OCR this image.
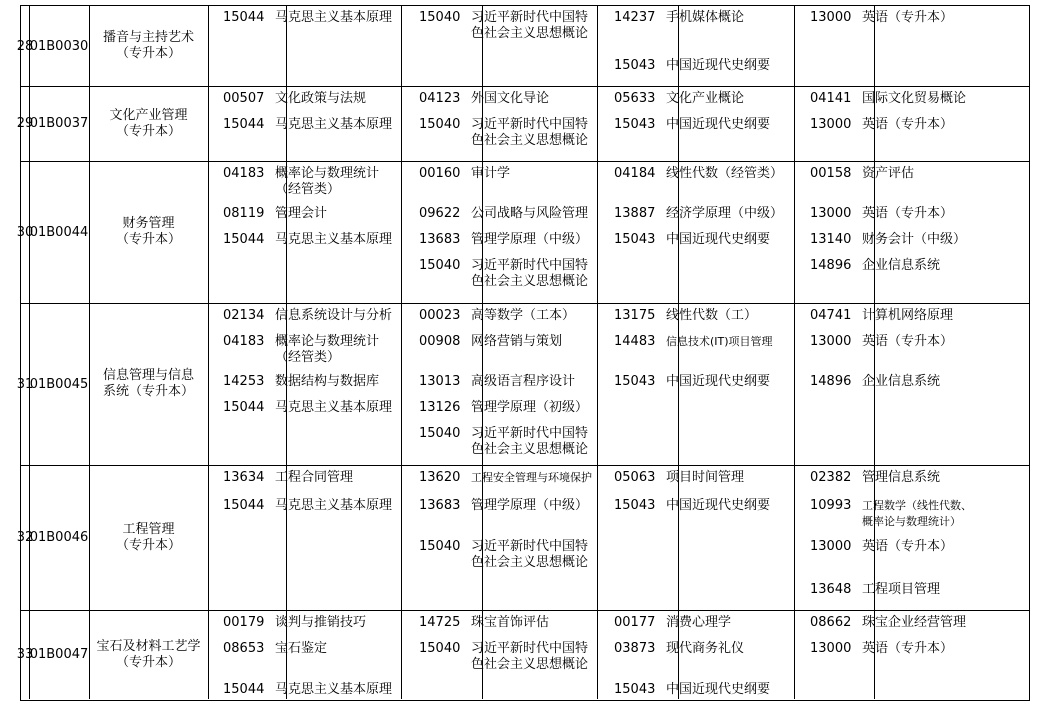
28
01B0030
播音与主持艺术
（专升本）
15044 马克思主义基本原理 15040 习近平新时代中国特
色社会主义思想概论
14237 手机媒体概论
15043 中国近现代史纲要
13000 英语（专升本）
29
01B0037
文化产业管理
（专升本）
00507 文化政策与法规
15044 马克思主义基本原理
04123 外国文化导论
15040 习近平新时代中国特
色社会主义思想概论
05633 文化产业概论
15043 中国近现代史纲要
04141 国际文化贸易概论
13000 英语（专升本）
30
01B0044
财务管理
（专升本）
04183 概率论与数理统计
（经管类）
08119 管理会计
15044 马克思主义基本原理
00160 审计学
09622 公司战略与风险管理
13683 管理学原理（中级）
15040 习近平新时代中国特
色社会主义思想概论
04184 线性代数（经管类）
13887 经济学原理（中级）
15043 中国近现代史纲要
00158 资产评估
13000 英语（专升本）
13140 财务会计（中级）
14896 企业信息系统
31
01B0045
信息管理与信息
系统（专升本）
02134 信息系统设计与分析
04183 概率论与数理统计
（经管类）
14253 数据结构与数据库
15044 马克思主义基本原理
00023 高等数学（工本）
00908 网络营销与策划
13013 高级语言程序设计
13126 管理学原理（初级）
15040 习近平新时代中国特
色社会主义思想概论
13175 线性代数（工）
14483 信息技术(IT)项目管理
15043 中国近现代史纲要
04741 计算机网络原理
13000 英语（专升本）
14896 企业信息系统
32
01B0046
工程管理
（专升本）
13634 工程合同管理
15044 马克思主义基本原理
13620 工程安全管理与环境保护
13683 管理学原理（中级）
15040 习近平新时代中国特
色社会主义思想概论
05063 项目时间管理
15043 中国近现代史纲要
02382 管理信息系统
10993 工程数学（线性代数、
概率论与数理统计）
13000 英语（专升本）
13648 工程项目管理
33
01B0047
宝石及材料工艺学
（专升本）
00179 谈判与推销技巧
08653 宝石鉴定
15044 马克思主义基本原理
14725 珠宝首饰评估
15040 习近平新时代中国特
色社会主义思想概论
00177 消费心理学
03873 现代商务礼仪
15043 中国近现代史纲要
08662 珠宝企业经营管理
13000 英语（专升本）
